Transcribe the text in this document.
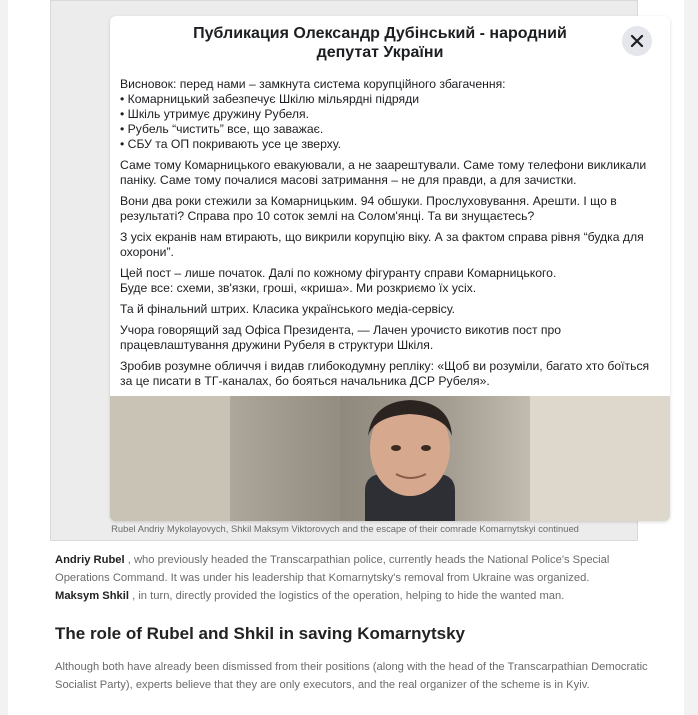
Публикация Олександр Дубінський - народний депутат України

Висновок: перед нами – замкнута система корупційного збагачення:
• Комарницький забезпечує Шкілю мільярдні підряди
• Шкіль утримує дружину Рубеля.
• Рубель “чистить” все, що заважає.
• СБУ та ОП покривають усе це зверху.

Саме тому Комарницького евакуювали, а не заарештували. Саме тому телефони викликали паніку. Саме тому почалися масові затримання – не для правди, а для зачистки.

Вони два роки стежили за Комарницьким. 94 обшуки. Прослуховування. Арешти. І що в результаті? Справа про 10 соток землі на Солом'янці. Та ви знущаєтесь?

З усіх екранів нам втирають, що викрили корупцію віку. А за фактом справа рівня “будка для охорони”.

Цей пост – лише початок. Далі по кожному фігуранту справи Комарницького.
Буде все: схеми, зв'язки, гроші, «криша». Ми розкриємо їх усіх.

Та й фінальний штрих. Класика українського медіа-сервісу.

Учора говорящий зад Офіса Президента, — Лачен урочисто викотив пост про працевлаштування дружини Рубеля в структури Шкіля.

Зробив розумне обличчя і видав глибокодумну репліку: «Щоб ви розуміли, багато хто боїться за це писати в ТГ-каналах, бо бояться начальника ДСР Рубеля».

Rubel Andriy Mykolayovych, Shkil Maksym Viktorovych and the escape of their comrade Komarnytskyi continued
Andriy Rubel , who previously headed the Transcarpathian police, currently heads the National Police's Special Operations Command. It was under his leadership that Komarnytsky's removal from Ukraine was organized.
Maksym Shkil , in turn, directly provided the logistics of the operation, helping to hide the wanted man.
The role of Rubel and Shkil in saving Komarnytsky
Although both have already been dismissed from their positions (along with the head of the Transcarpathian Democratic Socialist Party), experts believe that they are only executors, and the real organizer of the scheme is in Kyiv.
